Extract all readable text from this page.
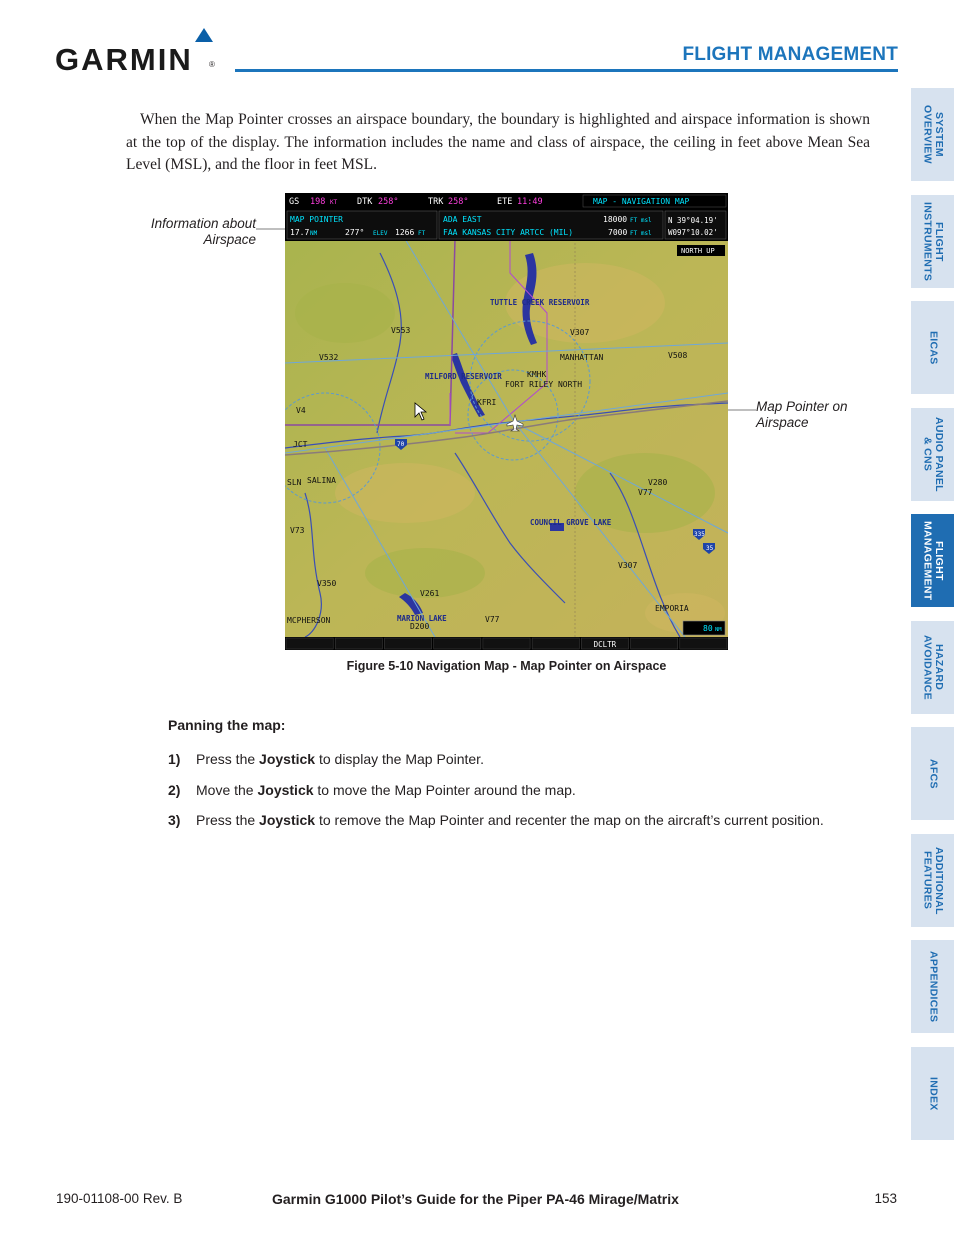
GARMIN ®	FLIGHT MANAGEMENT

When the Map Pointer crosses an airspace boundary, the boundary is highlighted and airspace information is shown at the top of the display. The information includes the name and class of airspace, the ceiling in feet above Mean Sea Level (MSL), and the floor in feet MSL.

Information about Airspace
Map Pointer on Airspace
TUTTLE CREEK RESERVOIR
MILFORD RESERVOIR
COUNCIL GROVE LAKE
MARION LAKE
MANHATTAN
KMHK
FORT RILEY NORTH
KFRI
MCPHERSON
EMPORIA
SALINA
SLN
JCT
V553	V307
V532	V508
V4
V77
V280
V307
V73
V350
V261
V77
D200
70
335
35
GS 198 KT DTK 258°	TRK 258°	ETE 11:49	MAP - NAVIGATION MAP
MAP POINTER
17.7 NM	277° ELEV 1266 FT
ADA EAST	18000 FT msl
FAA KANSAS CITY ARTCC (MIL)	7000 FT msl
N 39°04.19'
W097°10.02'
NORTH UP
80 NM
DCLTR
Figure 5-10 Navigation Map - Map Pointer on Airspace
Panning the map:
1) Press the Joystick to display the Map Pointer.
2) Move the Joystick to move the Map Pointer around the map.
3) Press the Joystick to remove the Map Pointer and recenter the map on the aircraft’s current position.
190-01108-00 Rev. B	Garmin G1000 Pilot’s Guide for the Piper PA-46 Mirage/Matrix	153
SYSTEM
OVERVIEW
FLIGHT
INSTRUMENTS
EICAS
AUDIO PANEL
& CNS
FLIGHT
MANAGEMENT
HAZARD
AVOIDANCE
AFCS
ADDITIONAL
FEATURES
APPENDICES
INDEX
